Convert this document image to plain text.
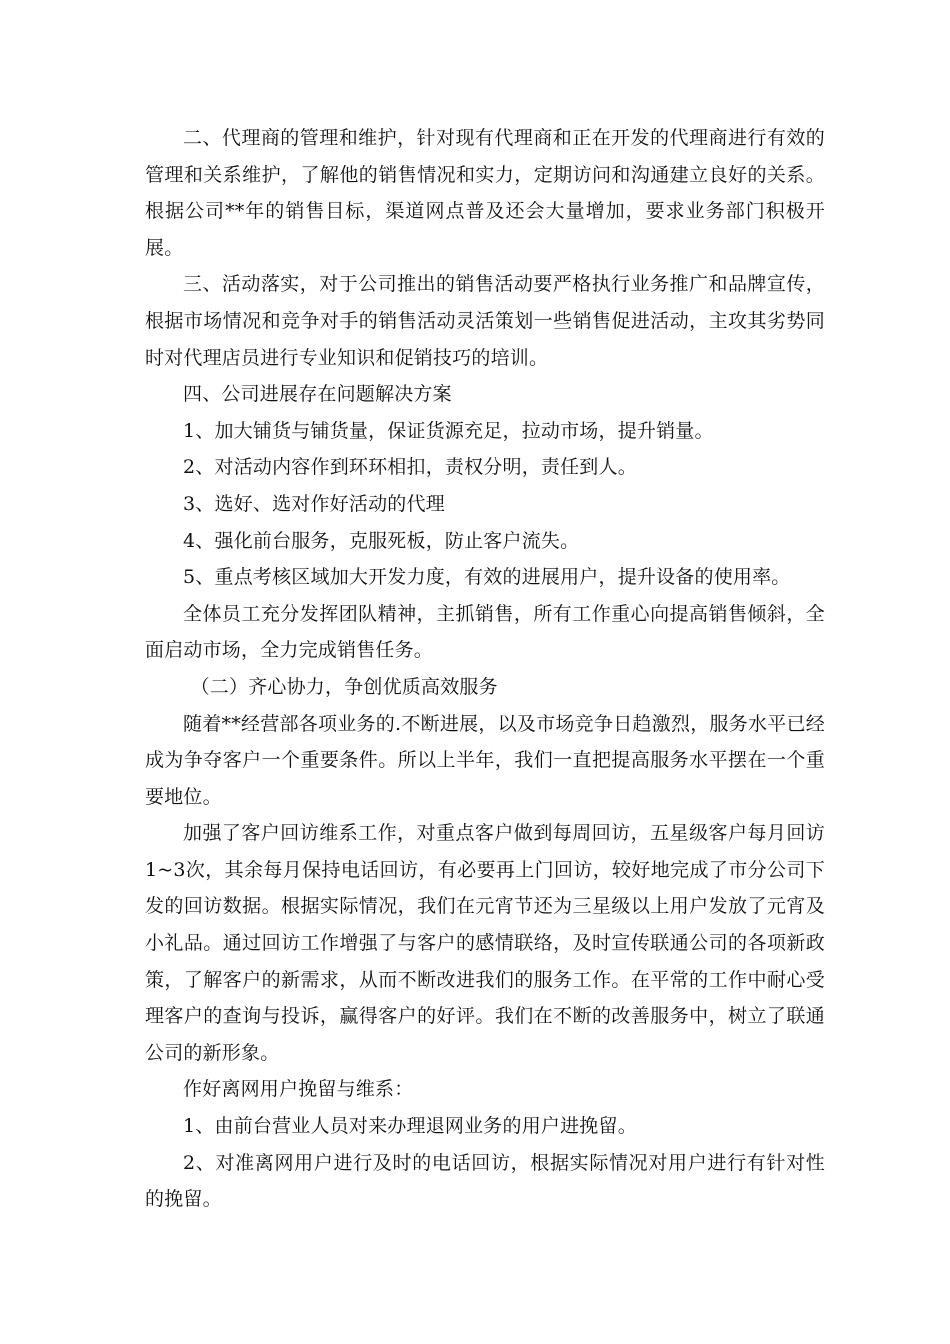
二、代理商的管理和维护，针对现有代理商和正在开发的代理商进行有效的管理和关系维护，了解他的销售情况和实力，定期访问和沟通建立良好的关系。根据公司**年的销售目标，渠道网点普及还会大量增加，要求业务部门积极开展。

三、活动落实，对于公司推出的销售活动要严格执行业务推广和品牌宣传，根据市场情况和竞争对手的销售活动灵活策划一些销售促进活动，主攻其劣势同时对代理店员进行专业知识和促销技巧的培训。

四、公司进展存在问题解决方案

1、加大铺货与铺货量，保证货源充足，拉动市场，提升销量。

2、对活动内容作到环环相扣，责权分明，责任到人。

3、选好、选对作好活动的代理

4、强化前台服务，克服死板，防止客户流失。

5、重点考核区域加大开发力度，有效的进展用户，提升设备的使用率。

全体员工充分发挥团队精神，主抓销售，所有工作重心向提高销售倾斜，全面启动市场，全力完成销售任务。

（二）齐心协力，争创优质高效服务

随着**经营部各项业务的.不断进展，以及市场竞争日趋激烈，服务水平已经成为争夺客户一个重要条件。所以上半年，我们一直把提高服务水平摆在一个重要地位。

加强了客户回访维系工作，对重点客户做到每周回访，五星级客户每月回访1~3次，其余每月保持电话回访，有必要再上门回访，较好地完成了市分公司下发的回访数据。根据实际情况，我们在元宵节还为三星级以上用户发放了元宵及小礼品。通过回访工作增强了与客户的感情联络，及时宣传联通公司的各项新政策，了解客户的新需求，从而不断改进我们的服务工作。在平常的工作中耐心受理客户的查询与投诉，赢得客户的好评。我们在不断的改善服务中，树立了联通公司的新形象。

作好离网用户挽留与维系：

1、由前台营业人员对来办理退网业务的用户进挽留。

2、对准离网用户进行及时的电话回访，根据实际情况对用户进行有针对性的挽留。
